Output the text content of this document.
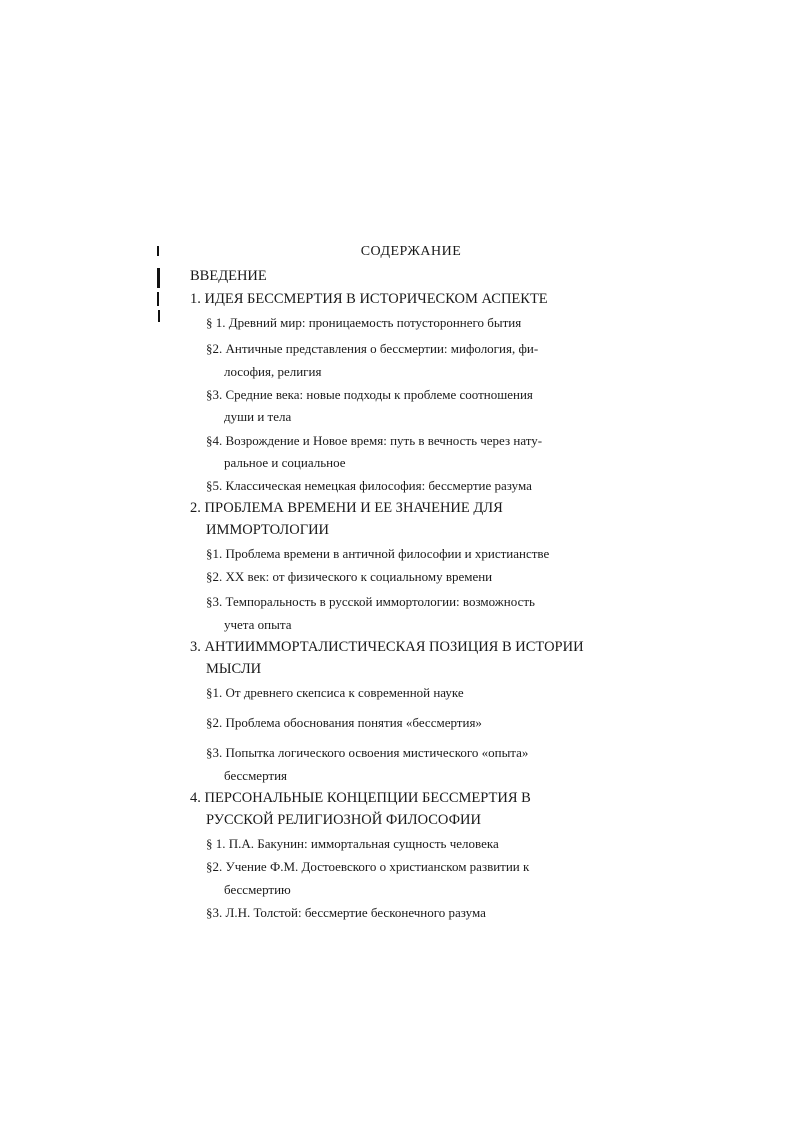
СОДЕРЖАНИЕ
ВВЕДЕНИЕ
1. ИДЕЯ БЕССМЕРТИЯ В ИСТОРИЧЕСКОМ АСПЕКТЕ
§ 1. Древний мир: проницаемость потустороннего бытия
§2. Античные представления о бессмертии: мифология, фи-
лософия, религия
§3. Средние века: новые подходы к проблеме соотношения
души и тела
§4. Возрождение и Новое время: путь в вечность через нату-
ральное и социальное
§5. Классическая немецкая философия: бессмертие разума
2. ПРОБЛЕМА ВРЕМЕНИ И ЕЕ ЗНАЧЕНИЕ ДЛЯ
ИММОРТОЛОГИИ
§1. Проблема времени в античной философии и христианстве
§2. XX век: от физического к социальному времени
§3. Темпоральность в русской иммортологии: возможность
учета опыта
3. АНТИИММОРТАЛИСТИЧЕСКАЯ ПОЗИЦИЯ В ИСТОРИИ
МЫСЛИ
§1. От древнего скепсиса к современной науке
§2. Проблема обоснования понятия «бессмертия»
§3. Попытка логического освоения мистического «опыта»
бессмертия
4. ПЕРСОНАЛЬНЫЕ КОНЦЕПЦИИ БЕССМЕРТИЯ В
РУССКОЙ РЕЛИГИОЗНОЙ ФИЛОСОФИИ
§ 1. П.А. Бакунин: иммортальная сущность человека
§2. Учение Ф.М. Достоевского о христианском развитии к
бессмертию
§3. Л.Н. Толстой: бессмертие бесконечного разума
